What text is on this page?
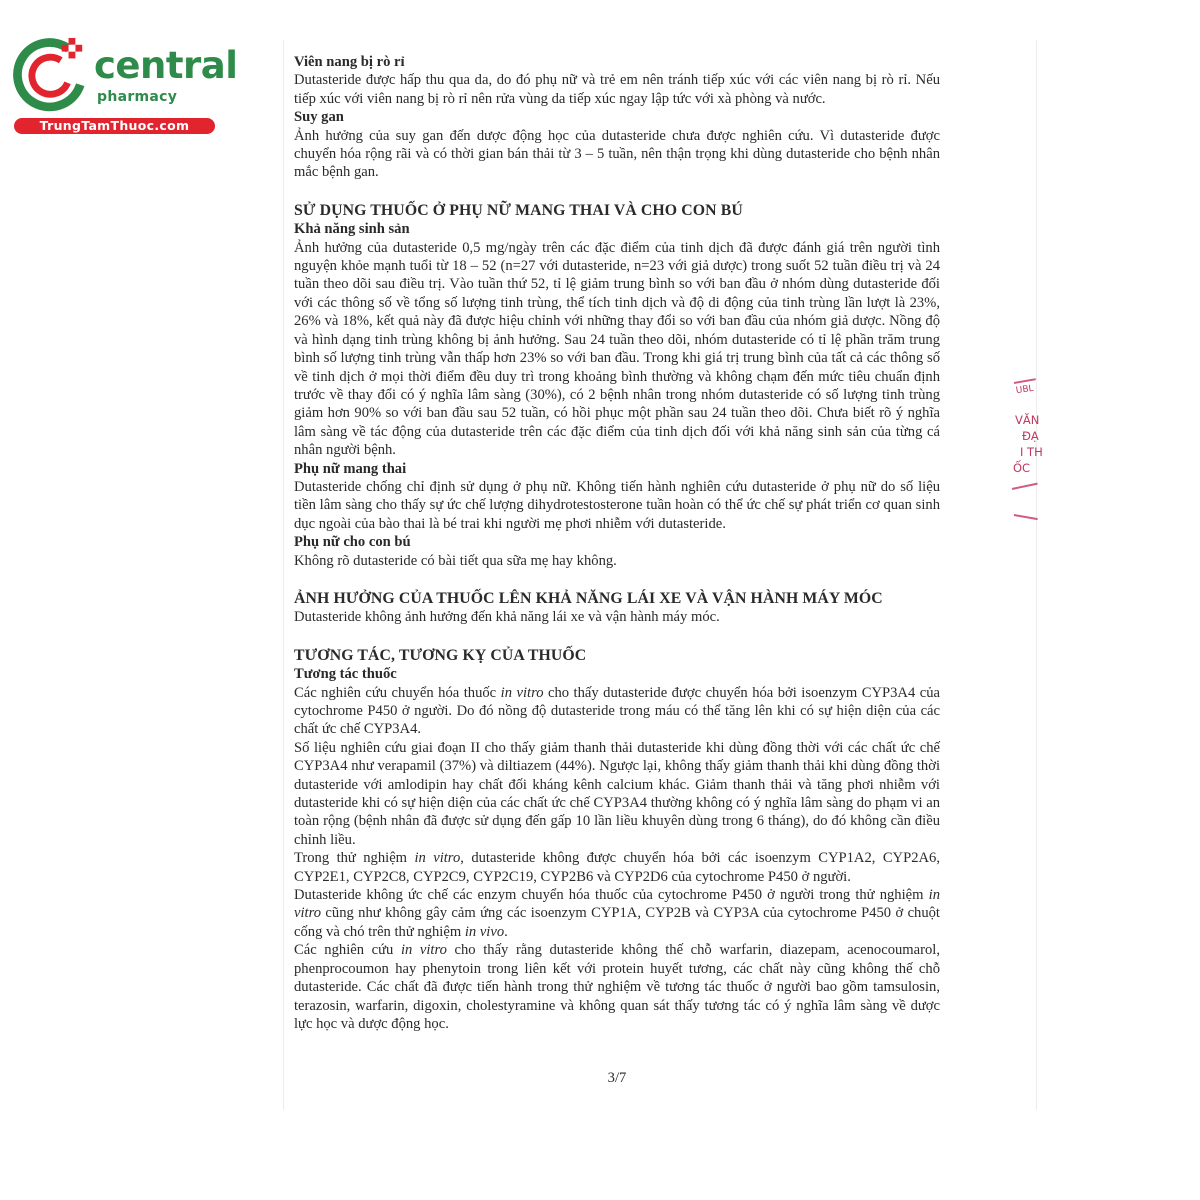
central
pharmacy
TrungTamThuoc.com

Viên nang bị rò rỉ

Dutasteride được hấp thu qua da, do đó phụ nữ và trẻ em nên tránh tiếp xúc với các viên nang bị rò rỉ. Nếu tiếp xúc với viên nang bị rò rỉ nên rửa vùng da tiếp xúc ngay lập tức với xà phòng và nước.

Suy gan

Ảnh hưởng của suy gan đến dược động học của dutasteride chưa được nghiên cứu. Vì dutasteride được chuyển hóa rộng rãi và có thời gian bán thải từ 3 – 5 tuần, nên thận trọng khi dùng dutasteride cho bệnh nhân mắc bệnh gan.

SỬ DỤNG THUỐC Ở PHỤ NỮ MANG THAI VÀ CHO CON BÚ

Khả năng sinh sản

Ảnh hưởng của dutasteride 0,5 mg/ngày trên các đặc điểm của tinh dịch đã được đánh giá trên người tình nguyện khỏe mạnh tuổi từ 18 – 52 (n=27 với dutasteride, n=23 với giả dược) trong suốt 52 tuần điều trị và 24 tuần theo dõi sau điều trị. Vào tuần thứ 52, tỉ lệ giảm trung bình so với ban đầu ở nhóm dùng dutasteride đối với các thông số về tổng số lượng tinh trùng, thể tích tinh dịch và độ di động của tinh trùng lần lượt là 23%, 26% và 18%, kết quả này đã được hiệu chỉnh với những thay đổi so với ban đầu của nhóm giả dược. Nồng độ và hình dạng tinh trùng không bị ảnh hưởng. Sau 24 tuần theo dõi, nhóm dutasteride có tỉ lệ phần trăm trung bình số lượng tinh trùng vẫn thấp hơn 23% so với ban đầu. Trong khi giá trị trung bình của tất cả các thông số về tinh dịch ở mọi thời điểm đều duy trì trong khoảng bình thường và không chạm đến mức tiêu chuẩn định trước về thay đổi có ý nghĩa lâm sàng (30%), có 2 bệnh nhân trong nhóm dutasteride có số lượng tinh trùng giảm hơn 90% so với ban đầu sau 52 tuần, có hồi phục một phần sau 24 tuần theo dõi. Chưa biết rõ ý nghĩa lâm sàng về tác động của dutasteride trên các đặc điểm của tinh dịch đối với khả năng sinh sản của từng cá nhân người bệnh.

Phụ nữ mang thai

Dutasteride chống chỉ định sử dụng ở phụ nữ. Không tiến hành nghiên cứu dutasteride ở phụ nữ do số liệu tiền lâm sàng cho thấy sự ức chế lượng dihydrotestosterone tuần hoàn có thể ức chế sự phát triển cơ quan sinh dục ngoài của bào thai là bé trai khi người mẹ phơi nhiễm với dutasteride.

Phụ nữ cho con bú

Không rõ dutasteride có bài tiết qua sữa mẹ hay không.

ẢNH HƯỞNG CỦA THUỐC LÊN KHẢ NĂNG LÁI XE VÀ VẬN HÀNH MÁY MÓC

Dutasteride không ảnh hưởng đến khả năng lái xe và vận hành máy móc.

TƯƠNG TÁC, TƯƠNG KỴ CỦA THUỐC

Tương tác thuốc

Các nghiên cứu chuyển hóa thuốc in vitro cho thấy dutasteride được chuyển hóa bởi isoenzym CYP3A4 của cytochrome P450 ở người. Do đó nồng độ dutasteride trong máu có thể tăng lên khi có sự hiện diện của các chất ức chế CYP3A4.

Số liệu nghiên cứu giai đoạn II cho thấy giảm thanh thải dutasteride khi dùng đồng thời với các chất ức chế CYP3A4 như verapamil (37%) và diltiazem (44%). Ngược lại, không thấy giảm thanh thải khi dùng đồng thời dutasteride với amlodipin hay chất đối kháng kênh calcium khác. Giảm thanh thải và tăng phơi nhiễm với dutasteride khi có sự hiện diện của các chất ức chế CYP3A4 thường không có ý nghĩa lâm sàng do phạm vi an toàn rộng (bệnh nhân đã được sử dụng đến gấp 10 lần liều khuyên dùng trong 6 tháng), do đó không cần điều chỉnh liều.

Trong thử nghiệm in vitro, dutasteride không được chuyển hóa bởi các isoenzym CYP1A2, CYP2A6, CYP2E1, CYP2C8, CYP2C9, CYP2C19, CYP2B6 và CYP2D6 của cytochrome P450 ở người.

Dutasteride không ức chế các enzym chuyển hóa thuốc của cytochrome P450 ở người trong thử nghiệm in vitro cũng như không gây cảm ứng các isoenzym CYP1A, CYP2B và CYP3A của cytochrome P450 ở chuột cống và chó trên thử nghiệm in vivo.

Các nghiên cứu in vitro cho thấy rằng dutasteride không thế chỗ warfarin, diazepam, acenocoumarol, phenprocoumon hay phenytoin trong liên kết với protein huyết tương, các chất này cũng không thế chỗ dutasteride. Các chất đã được tiến hành trong thử nghiệm về tương tác thuốc ở người bao gồm tamsulosin, terazosin, warfarin, digoxin, cholestyramine và không quan sát thấy tương tác có ý nghĩa lâm sàng về dược lực học và dược động học.

3/7
UBL
VĂN
ĐẠ
I TH
ỐC
